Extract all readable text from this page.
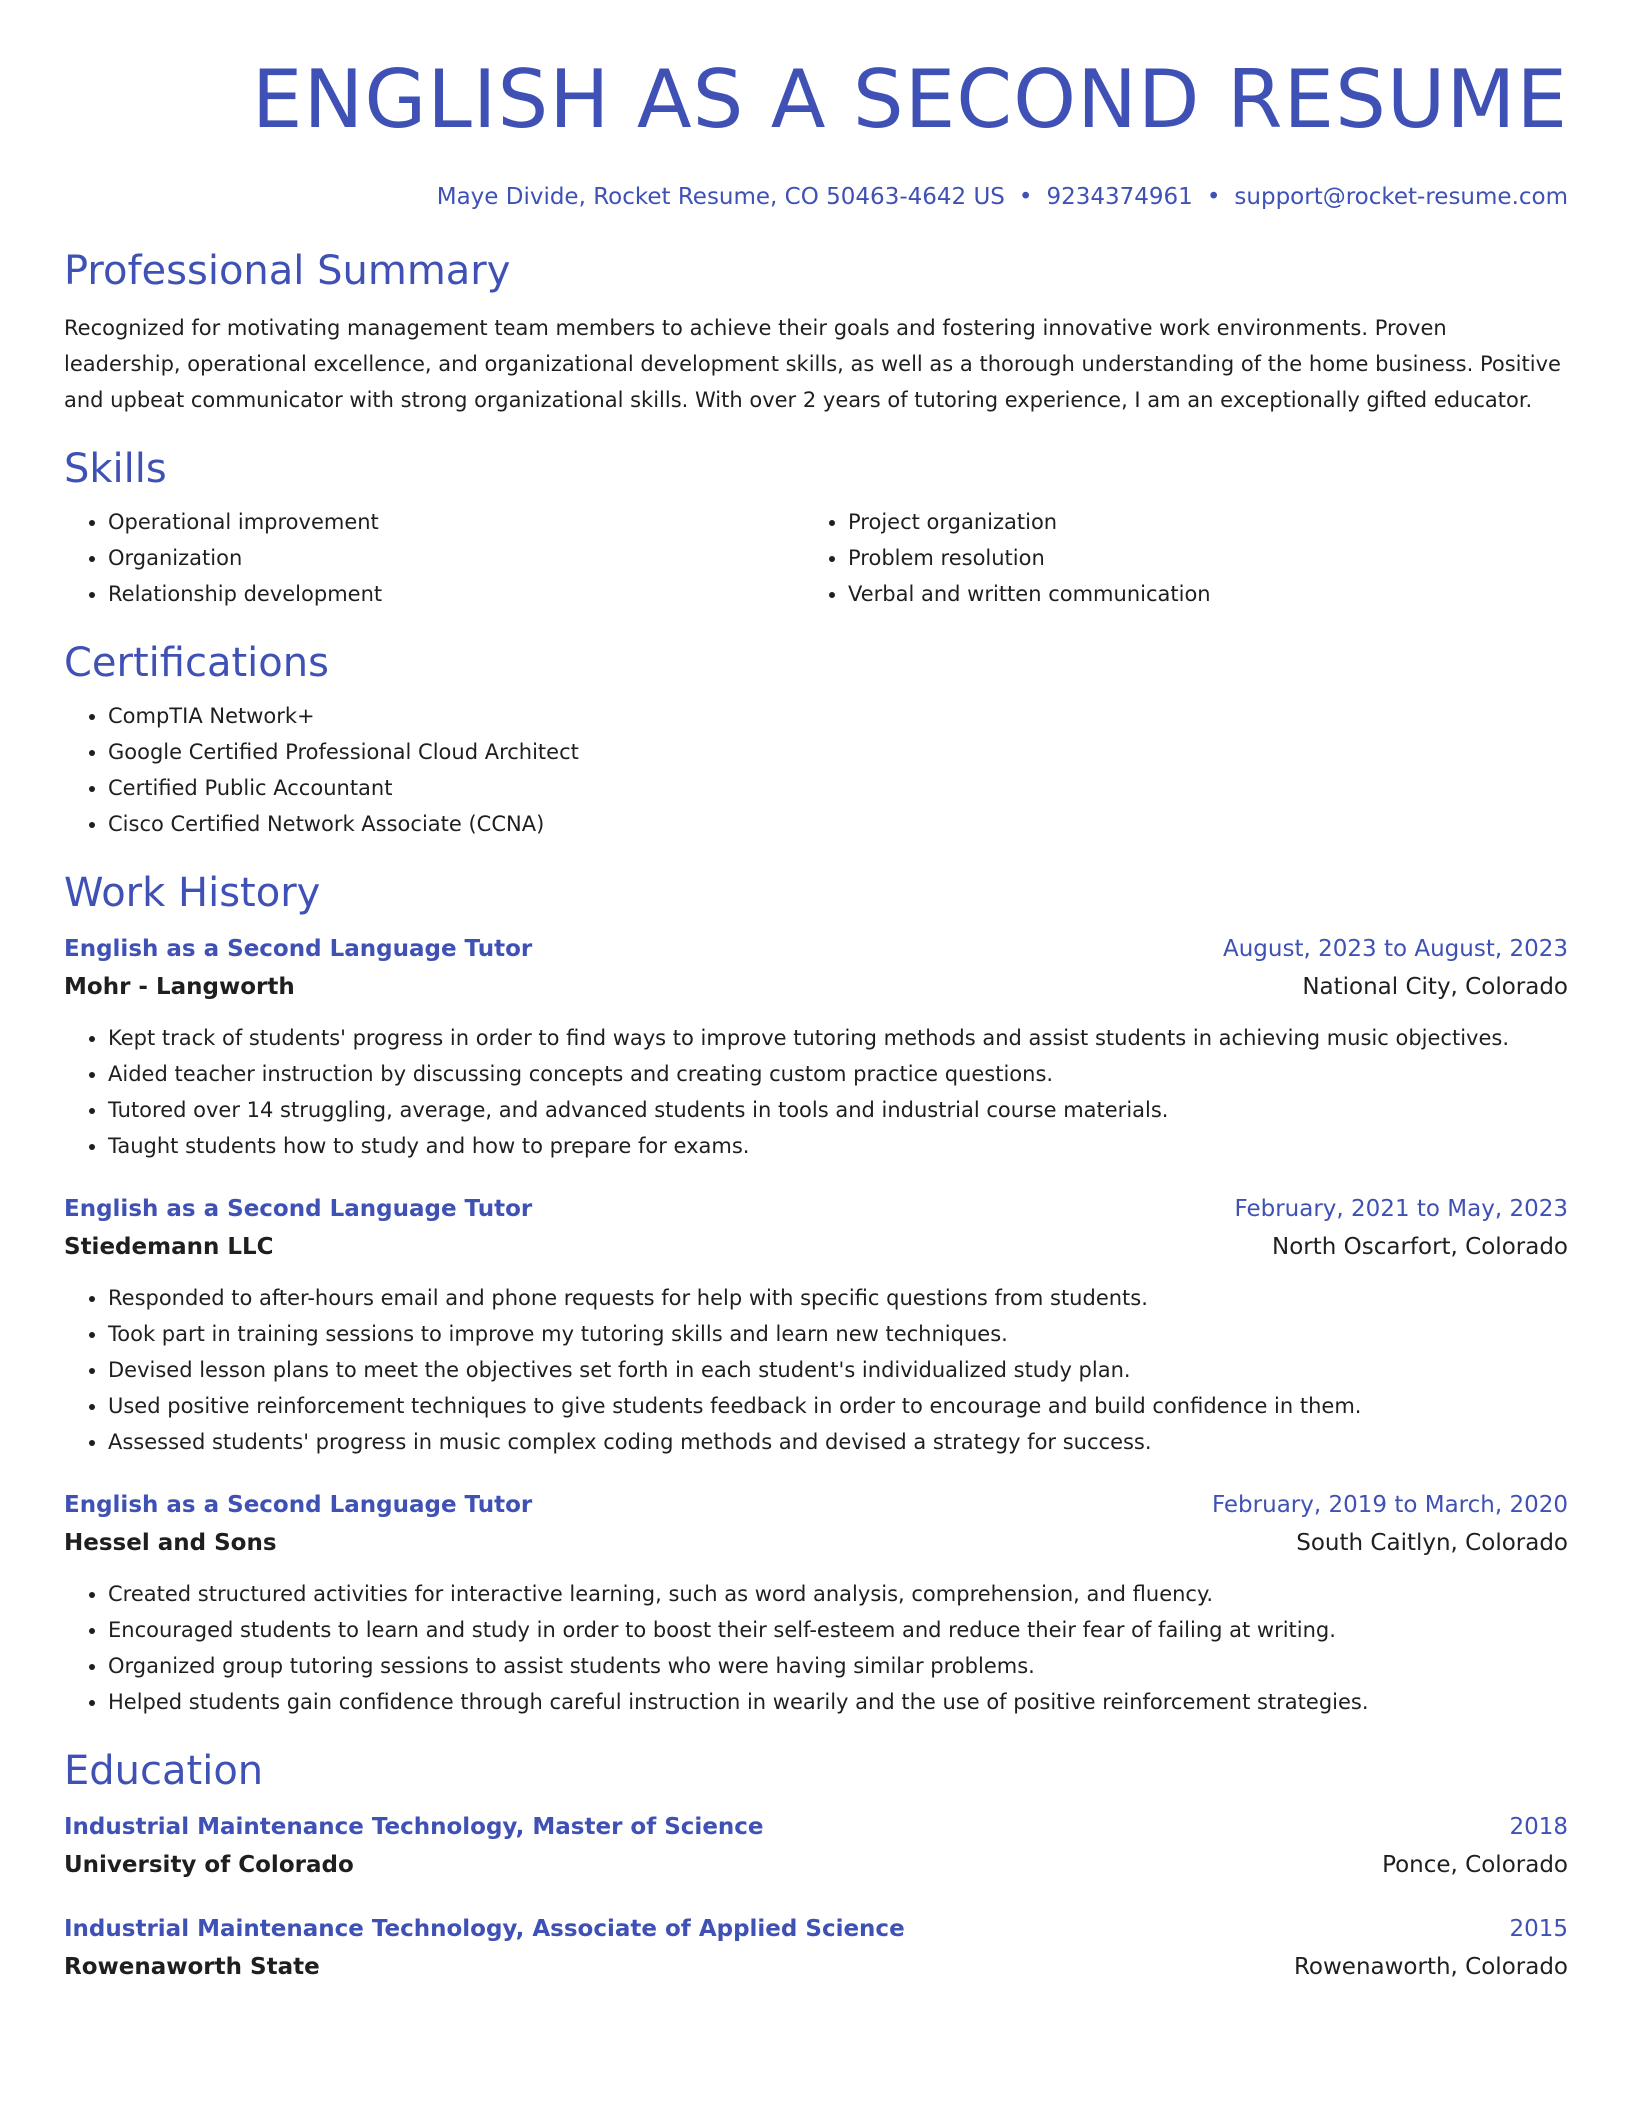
ENGLISH AS A SECOND RESUME
Maye Divide, Rocket Resume, CO 50463-4642 US • 9234374961 • support@rocket-resume.com
Professional Summary

Recognized for motivating management team members to achieve their goals and fostering innovative work environments. Proven leadership, operational excellence, and organizational development skills, as well as a thorough understanding of the home business. Positive and upbeat communicator with strong organizational skills. With over 2 years of tutoring experience, I am an exceptionally gifted educator.

Skills
• Operational improvement
• Organization
• Relationship development
• Project organization
• Problem resolution
• Verbal and written communication
Certifications
• CompTIA Network+
• Google Certified Professional Cloud Architect
• Certified Public Accountant
• Cisco Certified Network Associate (CCNA)
Work History
English as a Second Language Tutor	August, 2023 to August, 2023
Mohr - Langworth	National City, Colorado
• Kept track of students' progress in order to find ways to improve tutoring methods and assist students in achieving music objectives.
• Aided teacher instruction by discussing concepts and creating custom practice questions.
• Tutored over 14 struggling, average, and advanced students in tools and industrial course materials.
• Taught students how to study and how to prepare for exams.
English as a Second Language Tutor	February, 2021 to May, 2023
Stiedemann LLC	North Oscarfort, Colorado
• Responded to after-hours email and phone requests for help with specific questions from students.
• Took part in training sessions to improve my tutoring skills and learn new techniques.
• Devised lesson plans to meet the objectives set forth in each student's individualized study plan.
• Used positive reinforcement techniques to give students feedback in order to encourage and build confidence in them.
• Assessed students' progress in music complex coding methods and devised a strategy for success.
English as a Second Language Tutor	February, 2019 to March, 2020
Hessel and Sons	South Caitlyn, Colorado
• Created structured activities for interactive learning, such as word analysis, comprehension, and fluency.
• Encouraged students to learn and study in order to boost their self-esteem and reduce their fear of failing at writing.
• Organized group tutoring sessions to assist students who were having similar problems.
• Helped students gain confidence through careful instruction in wearily and the use of positive reinforcement strategies.
Education
Industrial Maintenance Technology, Master of Science	2018
University of Colorado	Ponce, Colorado
Industrial Maintenance Technology, Associate of Applied Science	2015
Rowenaworth State	Rowenaworth, Colorado
